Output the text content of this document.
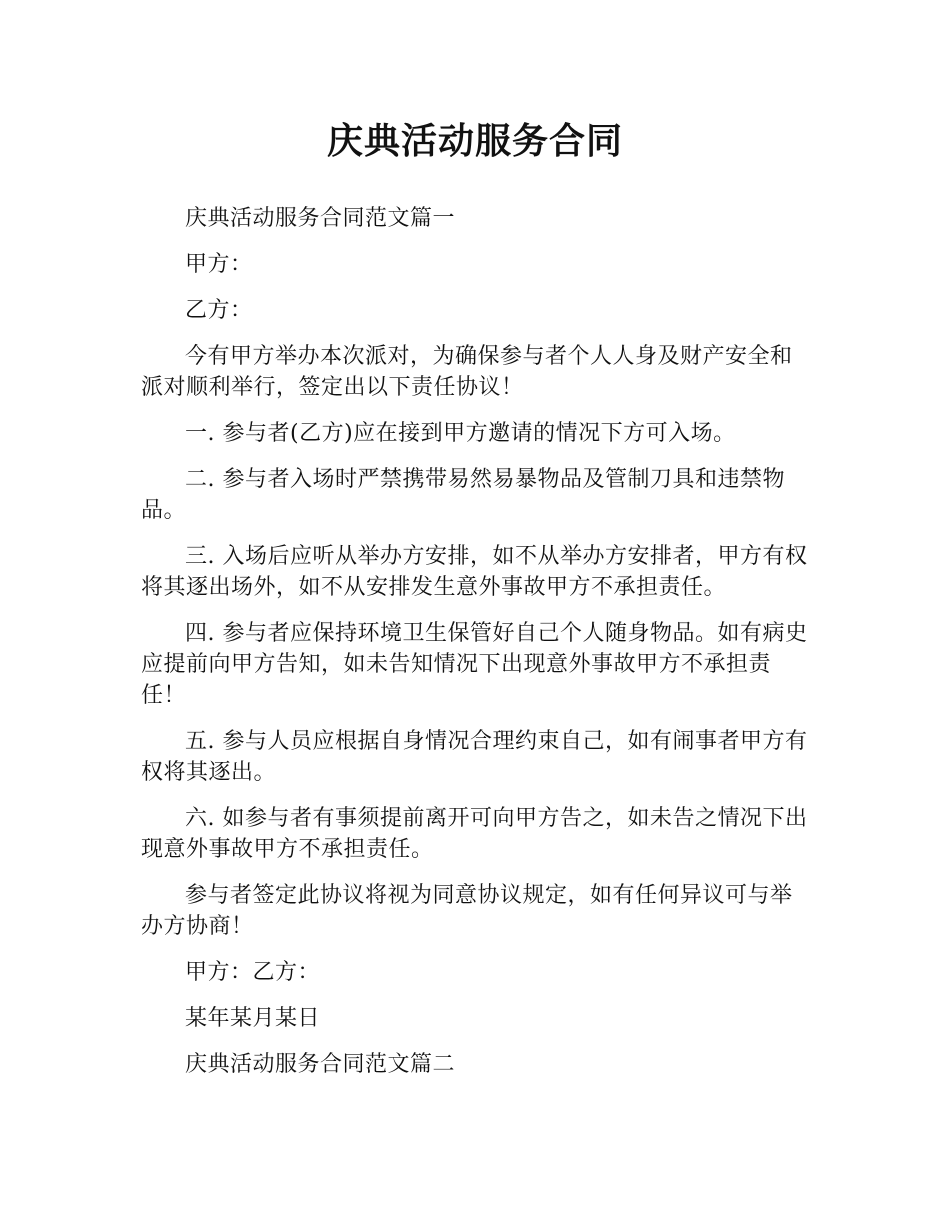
庆典活动服务合同

庆典活动服务合同范文篇一

甲方：

乙方：

今有甲方举办本次派对，为确保参与者个人人身及财产安全和派对顺利举行，签定出以下责任协议！

一. 参与者(乙方)应在接到甲方邀请的情况下方可入场。

二. 参与者入场时严禁携带易然易暴物品及管制刀具和违禁物品。

三. 入场后应听从举办方安排，如不从举办方安排者，甲方有权将其逐出场外，如不从安排发生意外事故甲方不承担责任。

四. 参与者应保持环境卫生保管好自己个人随身物品。如有病史应提前向甲方告知，如未告知情况下出现意外事故甲方不承担责任！

五. 参与人员应根据自身情况合理约束自己，如有闹事者甲方有权将其逐出。

六. 如参与者有事须提前离开可向甲方告之，如未告之情况下出现意外事故甲方不承担责任。

参与者签定此协议将视为同意协议规定，如有任何异议可与举办方协商！

甲方：乙方：

某年某月某日

庆典活动服务合同范文篇二
